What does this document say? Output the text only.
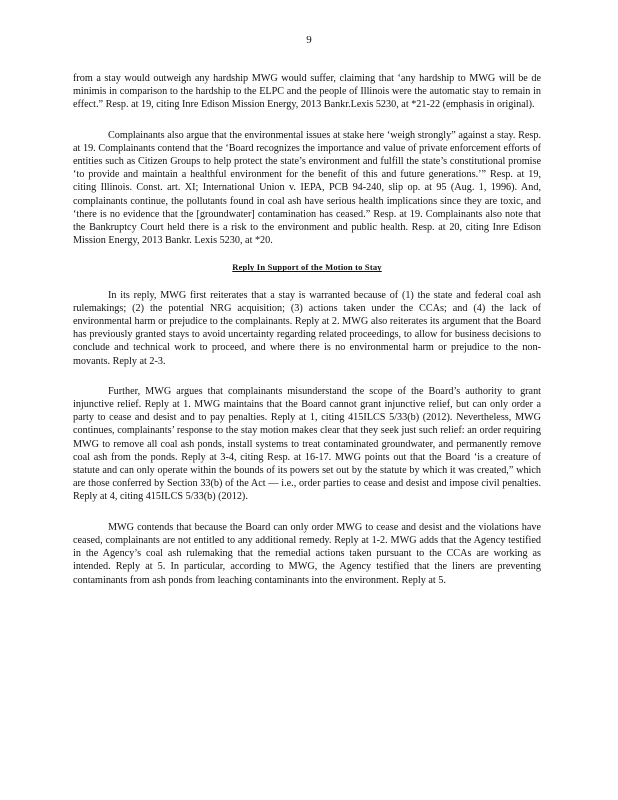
9

from a stay would outweigh any hardship MWG would suffer, claiming that ‘any hardship to MWG will be de minimis in comparison to the hardship to the ELPC and the people of Illinois were the automatic stay to remain in effect.” Resp. at 19, citing Inre Edison Mission Energy, 2013 Bankr.Lexis 5230, at *21-22 (emphasis in original).

Complainants also argue that the environmental issues at stake here ‘weigh strongly” against a stay. Resp. at 19. Complainants contend that the ‘Board recognizes the importance and value of private enforcement efforts of entities such as Citizen Groups to help protect the state’s environment and fulfill the state’s constitutional promise ‘to provide and maintain a healthful environment for the benefit of this and future generations.’” Resp. at 19, citing Illinois. Const. art. XI; International Union v. IEPA, PCB 94-240, slip op. at 95 (Aug. 1, 1996). And, complainants continue, the pollutants found in coal ash have serious health implications since they are toxic, and ‘there is no evidence that the [groundwater] contamination has ceased.” Resp. at 19. Complainants also note that the Bankruptcy Court held there is a risk to the environment and public health. Resp. at 20, citing Inre Edison Mission Energy, 2013 Bankr. Lexis 5230, at *20.

Reply In Support of the Motion to Stay

In its reply, MWG first reiterates that a stay is warranted because of (1) the state and federal coal ash rulemakings; (2) the potential NRG acquisition; (3) actions taken under the CCAs; and (4) the lack of environmental harm or prejudice to the complainants. Reply at 2. MWG also reiterates its argument that the Board has previously granted stays to avoid uncertainty regarding related proceedings, to allow for business decisions to conclude and technical work to proceed, and where there is no environmental harm or prejudice to the non-movants. Reply at 2-3.

Further, MWG argues that complainants misunderstand the scope of the Board’s authority to grant injunctive relief. Reply at 1. MWG maintains that the Board cannot grant injunctive relief, but can only order a party to cease and desist and to pay penalties. Reply at 1, citing 415ILCS 5/33(b) (2012). Nevertheless, MWG continues, complainants’ response to the stay motion makes clear that they seek just such relief: an order requiring MWG to remove all coal ash ponds, install systems to treat contaminated groundwater, and permanently remove coal ash from the ponds. Reply at 3-4, citing Resp. at 16-17. MWG points out that the Board ‘is a creature of statute and can only operate within the bounds of its powers set out by the statute by which it was created,” which are those conferred by Section 33(b) of the Act — i.e., order parties to cease and desist and impose civil penalties. Reply at 4, citing 415ILCS 5/33(b) (2012).

MWG contends that because the Board can only order MWG to cease and desist and the violations have ceased, complainants are not entitled to any additional remedy. Reply at 1-2. MWG adds that the Agency testified in the Agency’s coal ash rulemaking that the remedial actions taken pursuant to the CCAs are working as intended. Reply at 5. In particular, according to MWG, the Agency testified that the liners are preventing contaminants from ash ponds from leaching contaminants into the environment. Reply at 5.
